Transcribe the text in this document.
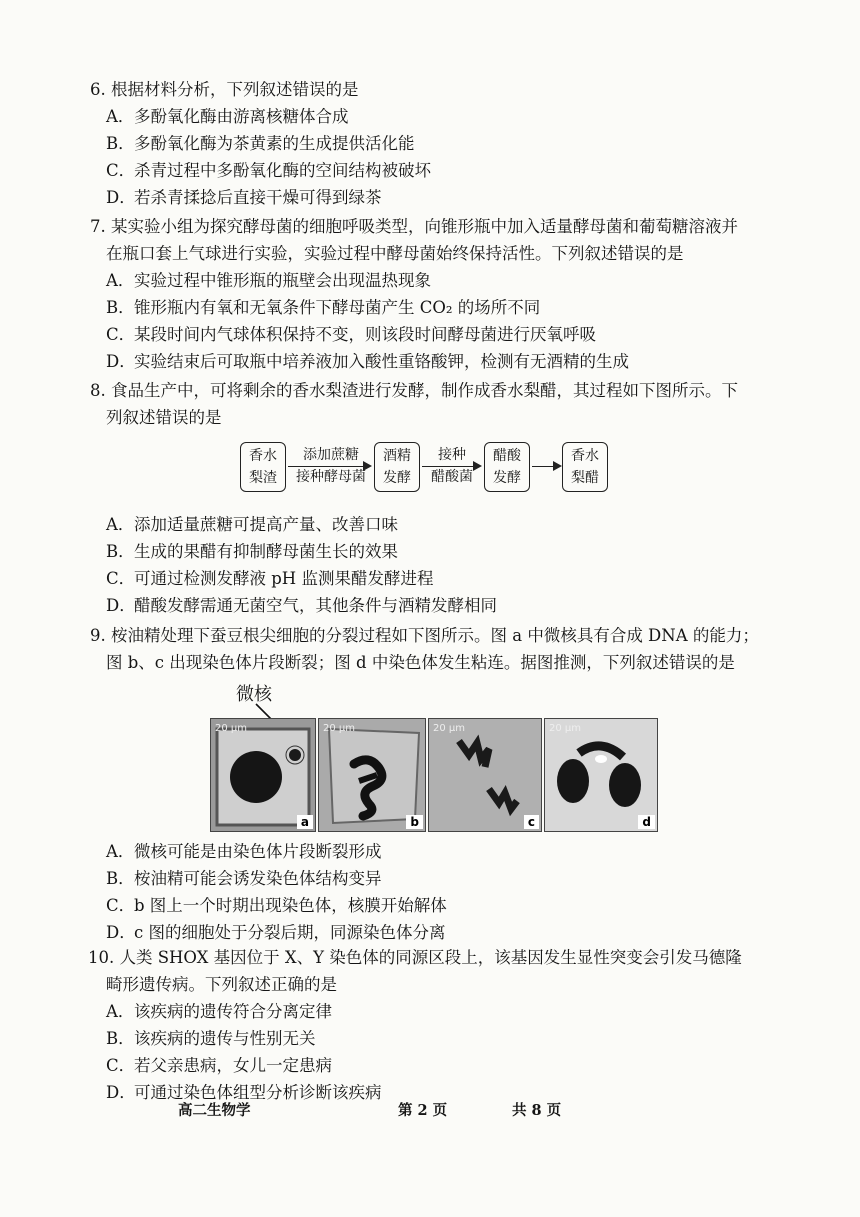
6. 根据材料分析，下列叙述错误的是
A．多酚氧化酶由游离核糖体合成
B．多酚氧化酶为茶黄素的生成提供活化能
C．杀青过程中多酚氧化酶的空间结构被破坏
D．若杀青揉捻后直接干燥可得到绿茶
7. 某实验小组为探究酵母菌的细胞呼吸类型，向锥形瓶中加入适量酵母菌和葡萄糖溶液并
在瓶口套上气球进行实验，实验过程中酵母菌始终保持活性。下列叙述错误的是
A．实验过程中锥形瓶的瓶壁会出现温热现象
B．锥形瓶内有氧和无氧条件下酵母菌产生 CO₂ 的场所不同
C．某段时间内气球体积保持不变，则该段时间酵母菌进行厌氧呼吸
D．实验结束后可取瓶中培养液加入酸性重铬酸钾，检测有无酒精的生成
8. 食品生产中，可将剩余的香水梨渣进行发酵，制作成香水梨醋，其过程如下图所示。下
列叙述错误的是
香水
梨渣
添加蔗糖
接种酵母菌
酒精
发酵
接种
醋酸菌
醋酸
发酵
香水
梨醋
A．添加适量蔗糖可提高产量、改善口味
B．生成的果醋有抑制酵母菌生长的效果
C．可通过检测发酵液 pH 监测果醋发酵进程
D．醋酸发酵需通无菌空气，其他条件与酒精发酵相同
9. 桉油精处理下蚕豆根尖细胞的分裂过程如下图所示。图 a 中微核具有合成 DNA 的能力；
图 b、c 出现染色体片段断裂；图 d 中染色体发生粘连。据图推测，下列叙述错误的是
微核
20 μm
a
20 μm
b
20 μm
c
20 μm
d
A．微核可能是由染色体片段断裂形成
B．桉油精可能会诱发染色体结构变异
C．b 图上一个时期出现染色体，核膜开始解体
D．c 图的细胞处于分裂后期，同源染色体分离
10. 人类 SHOX 基因位于 X、Y 染色体的同源区段上，该基因发生显性突变会引发马德隆
畸形遗传病。下列叙述正确的是
A．该疾病的遗传符合分离定律
B．该疾病的遗传与性别无关
C．若父亲患病，女儿一定患病
D．可通过染色体组型分析诊断该疾病
高二生物学	第 2 页	共 8 页
